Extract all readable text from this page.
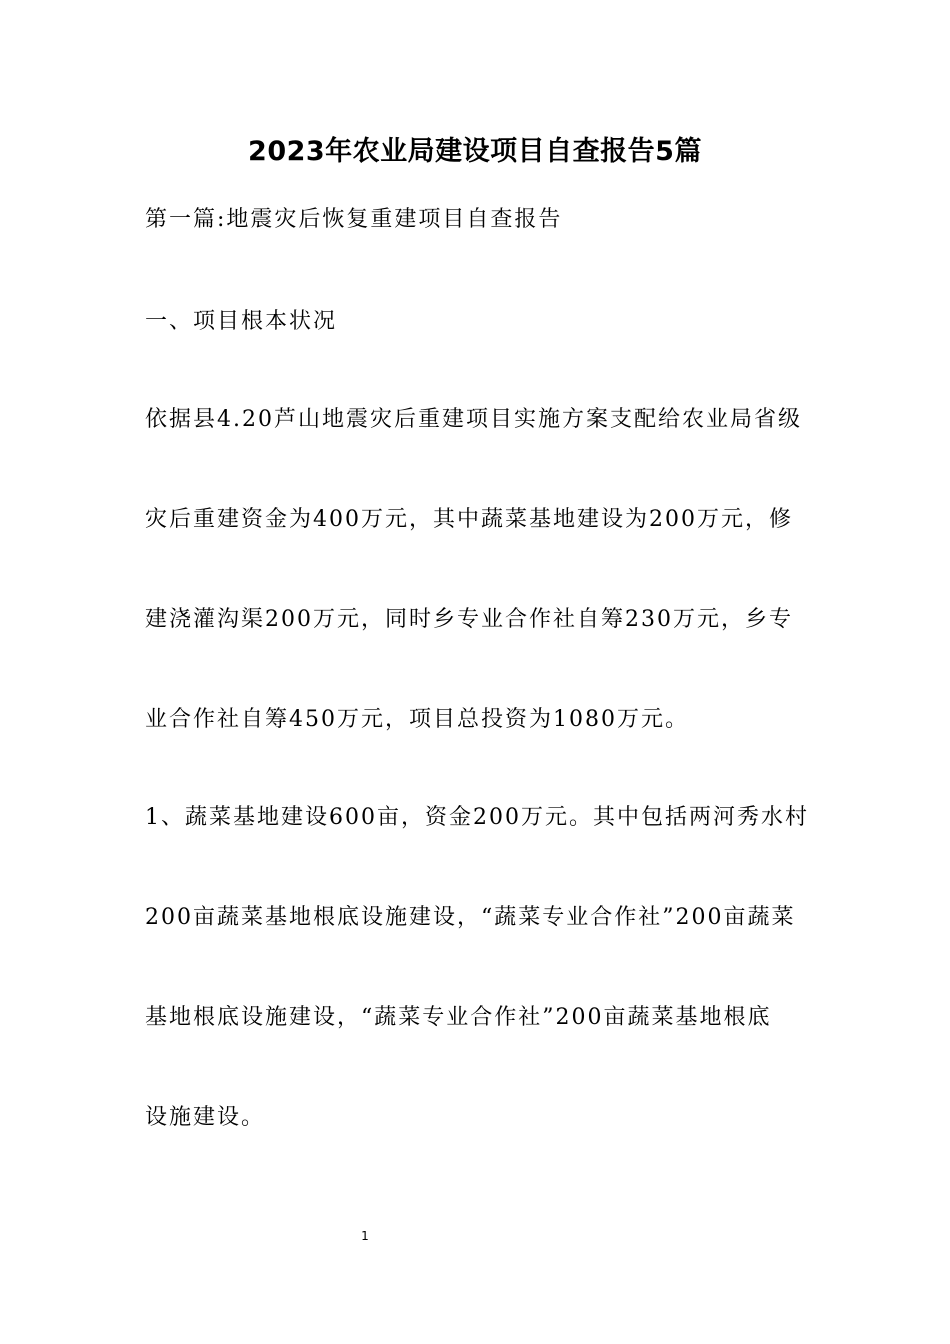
2023年农业局建设项目自查报告5篇
第一篇:地震灾后恢复重建项目自查报告
一、项目根本状况
依据县4.20芦山地震灾后重建项目实施方案支配给农业局省级
灾后重建资金为400万元，其中蔬菜基地建设为200万元，修
建浇灌沟渠200万元，同时乡专业合作社自筹230万元，乡专
业合作社自筹450万元，项目总投资为1080万元。
1、蔬菜基地建设600亩，资金200万元。其中包括两河秀水村
200亩蔬菜基地根底设施建设，“蔬菜专业合作社”200亩蔬菜
基地根底设施建设，“蔬菜专业合作社”200亩蔬菜基地根底
设施建设。
1
